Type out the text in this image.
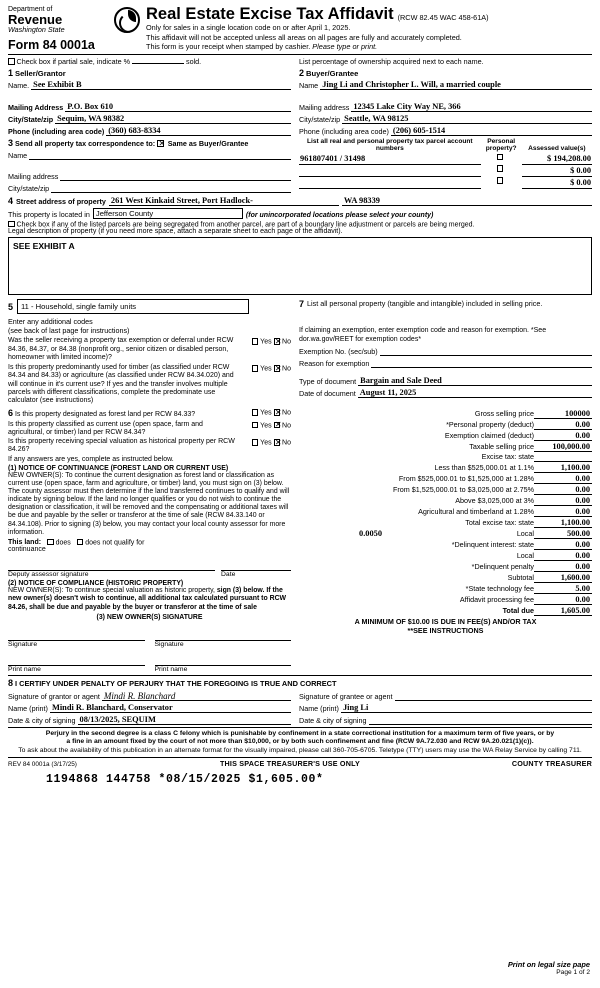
Department of
Revenue
Washington State
Form 84 0001a
Real Estate Excise Tax Affidavit (RCW 82.45 WAC 458-61A)
Only for sales in a single location code on or after April 1, 2025.
This affidavit will not be accepted unless all areas on all pages are fully and accurately completed.
This form is your receipt when stamped by cashier. Please type or print.
Check box if partial sale, indicate %	sold.	List percentage of ownership acquired next to each name.
1 Seller/Grantor
Name. See Exhibit B
Mailing Address P.O. Box 610
City/State/zip Sequim, WA 98382
Phone (including area code) (360) 683-8334
2 Buyer/Grantee
Name Jing Li and Christopher L. Will, a married couple
Mailing address 12345 Lake City Way NE, 366
City/state/zip Seattle, WA 98125
Phone (including area code) (206) 605-1514
3 Send all property tax correspondence to: ✕ Same as Buyer/Grantee
Name
Mailing address
City/state/zip
List all real and personal property tax parcel account numbers	Personal property?	Assessed value(s)
961807401 / 31498		$ 194,208.00
		$ 0.00
		$ 0.00
4 Street address of property 261 West Kinkaid Street, Port Hadlock-	WA 98339
This property is located in Jefferson County	(for unincorporated locations please select your county)
Check box if any of the listed parcels are being segregated from another parcel, are part of a boundary line adjustment or parcels are being merged.
Legal description of property (if you need more space, attach a separate sheet to each page of the affidavit).
SEE EXHIBIT A
5	11 - Household, single family units
Enter any additional codes
(see back of last page for instructions)
Was the seller receiving a property tax exemption or deferral under RCW 84.36, 84.37, or 84.38 (nonprofit org., senior citizen or disabled person, homeowner with limited income)?
Yes ✕ No
Is this property predominantly used for timber (as classified under RCW 84.34 and 84.33) or agriculture (as classified under RCW 84.34.020) and will continue in it's current use? If yes and the transfer involves multiple parcels with different classifications, complete the predominate use calculator (see instructions)
Yes ✕ No
7 List all personal property (tangible and intangible) included in selling price.
If claiming an exemption, enter exemption code and reason for exemption. *See dor.wa.gov/REET for exemption codes*
Exemption No. (sec/sub)
Reason for exemption
Type of document Bargain and Sale Deed
Date of document August 11, 2025
6 Is this property designated as forest land per RCW 84.33?	Yes ✕ No
Is this property classified as current use (open space, farm and agricultural, or timber) land per RCW 84.34?
Yes ✕ No
Is this property receiving special valuation as historical property per RCW 84.26?
Yes ✕ No
If any answers are yes, complete as instructed below.
(1) NOTICE OF CONTINUANCE (FOREST LAND OR CURRENT USE)
NEW OWNER(S): To continue the current designation as forest land or classification as current use (open space, farm and agriculture, or timber) land, you must sign on (3) below. The county assessor must then determine if the land transferred continues to qualify and will indicate by signing below. If the land no longer qualifies or you do not wish to continue the designation or classification, it will be removed and the compensating or additional taxes will be due and payable by the seller or transferor at the time of sale (RCW 84.33.140 or 84.34.108). Prior to signing (3) below, you may contact your local county assessor for more information.
This land:	does	does not qualify for
continuance
Deputy assessor signature	Date
(2) NOTICE OF COMPLIANCE (HISTORIC PROPERTY)
NEW OWNER(S): To continue special valuation as historic property, sign (3) below. If the new owner(s) doesn't wish to continue, all additional tax calculated pursuant to RCW 84.26, shall be due and payable by the buyer or transferor at the time of sale
(3) NEW OWNER(S) SIGNATURE
Signature	Signature
Print name	Print name
Gross selling price	100000
*Personal property (deduct)	0.00
Exemption claimed (deduct)	0.00
Taxable selling price	100,000.00
Excise tax: state	
Less than $525,000.01 at 1.1%	1,100.00
From $525,000.01 to $1,525,000 at 1.28%	0.00
From $1,525,000.01 to $3,025,000 at 2.75%	0.00
Above $3,025,000 at 3%	0.00
Agricultural and timberland at 1.28%	0.00
Total excise tax: state	1,100.00

0.0050 Local	500.00
*Delinquent interest: state	0.00
Local	0.00
*Delinquent penalty	0.00
Subtotal	1,600.00
*State technology fee	5.00
Affidavit processing fee	0.00
Total due	1,605.00
A MINIMUM OF $10.00 IS DUE IN FEE(S) AND/OR TAX
**SEE INSTRUCTIONS
8 I CERTIFY UNDER PENALTY OF PERJURY THAT THE FOREGOING IS TRUE AND CORRECT
Signature of grantor or agent Mindi R. Blanchard
Name (print) Mindi R. Blanchard, Conservator
Date & city of signing 08/13/2025, SEQUIM
Signature of grantee or agent
Name (print) Jing Li
Date & city of signing
Perjury in the second degree is a class C felony which is punishable by confinement in a state correctional institution for a maximum term of five years, or by
a fine in an amount fixed by the court of not more than $10,000, or by both such confinement and fine (RCW 9A.72.030 and RCW 9A.20.021(1)(c)).
To ask about the availability of this publication in an alternate format for the visually impaired, please call 360-705-6705. Teletype (TTY) users may use the WA Relay Service by calling 711.
REV 84 0001a (3/17/25)	THIS SPACE TREASURER'S USE ONLY	COUNTY TREASURER
1194868 144758 *08/15/2025 $1,605.00*
Print on legal size pape
Page 1 of 2
